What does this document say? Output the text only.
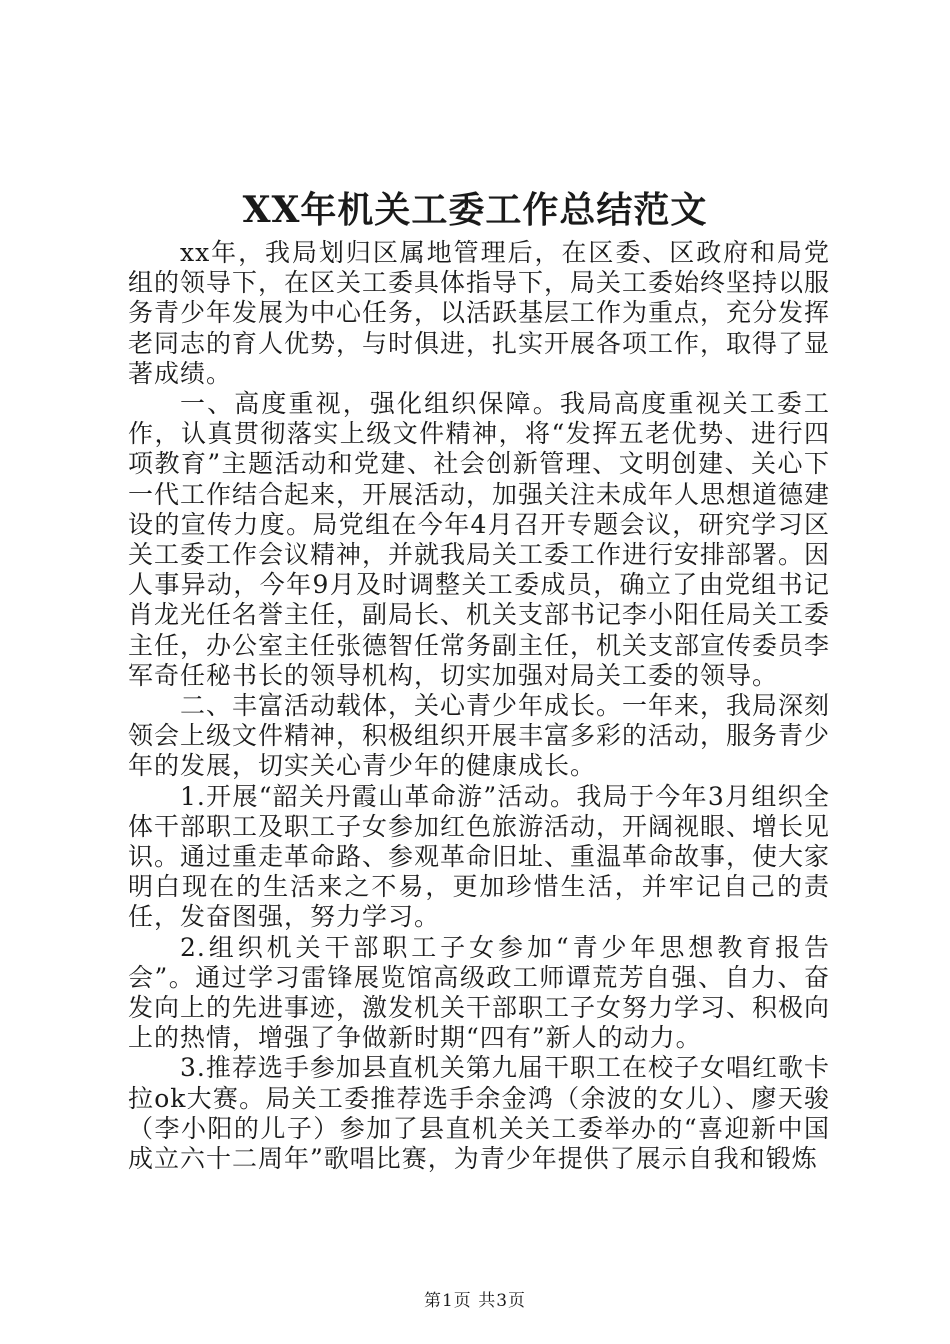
XX年机关工委工作总结范文

xx年，我局划归区属地管理后，在区委、区政府和局党组的领导下，在区关工委具体指导下，局关工委始终坚持以服务青少年发展为中心任务，以活跃基层工作为重点，充分发挥老同志的育人优势，与时俱进，扎实开展各项工作，取得了显著成绩。

一、高度重视，强化组织保障。我局高度重视关工委工作，认真贯彻落实上级文件精神，将“发挥五老优势、进行四项教育”主题活动和党建、社会创新管理、文明创建、关心下一代工作结合起来，开展活动，加强关注未成年人思想道德建设的宣传力度。局党组在今年4月召开专题会议，研究学习区关工委工作会议精神，并就我局关工委工作进行安排部署。因人事异动，今年9月及时调整关工委成员，确立了由党组书记肖龙光任名誉主任，副局长、机关支部书记李小阳任局关工委主任，办公室主任张德智任常务副主任，机关支部宣传委员李军奇任秘书长的领导机构，切实加强对局关工委的领导。

二、丰富活动载体，关心青少年成长。一年来，我局深刻领会上级文件精神，积极组织开展丰富多彩的活动，服务青少年的发展，切实关心青少年的健康成长。

1.开展“韶关丹霞山革命游”活动。我局于今年3月组织全体干部职工及职工子女参加红色旅游活动，开阔视眼、增长见识。通过重走革命路、参观革命旧址、重温革命故事，使大家明白现在的生活来之不易，更加珍惜生活，并牢记自己的责任，发奋图强，努力学习。

2.组织机关干部职工子女参加“青少年思想教育报告会”。通过学习雷锋展览馆高级政工师谭荒芳自强、自力、奋发向上的先进事迹，激发机关干部职工子女努力学习、积极向上的热情，增强了争做新时期“四有”新人的动力。

3.推荐选手参加县直机关第九届干职工在校子女唱红歌卡拉ok大赛。局关工委推荐选手余金鸿（余波的女儿）、廖天骏（李小阳的儿子）参加了县直机关关工委举办的“喜迎新中国成立六十二周年”歌唱比赛，为青少年提供了展示自我和锻炼

第1页 共3页
